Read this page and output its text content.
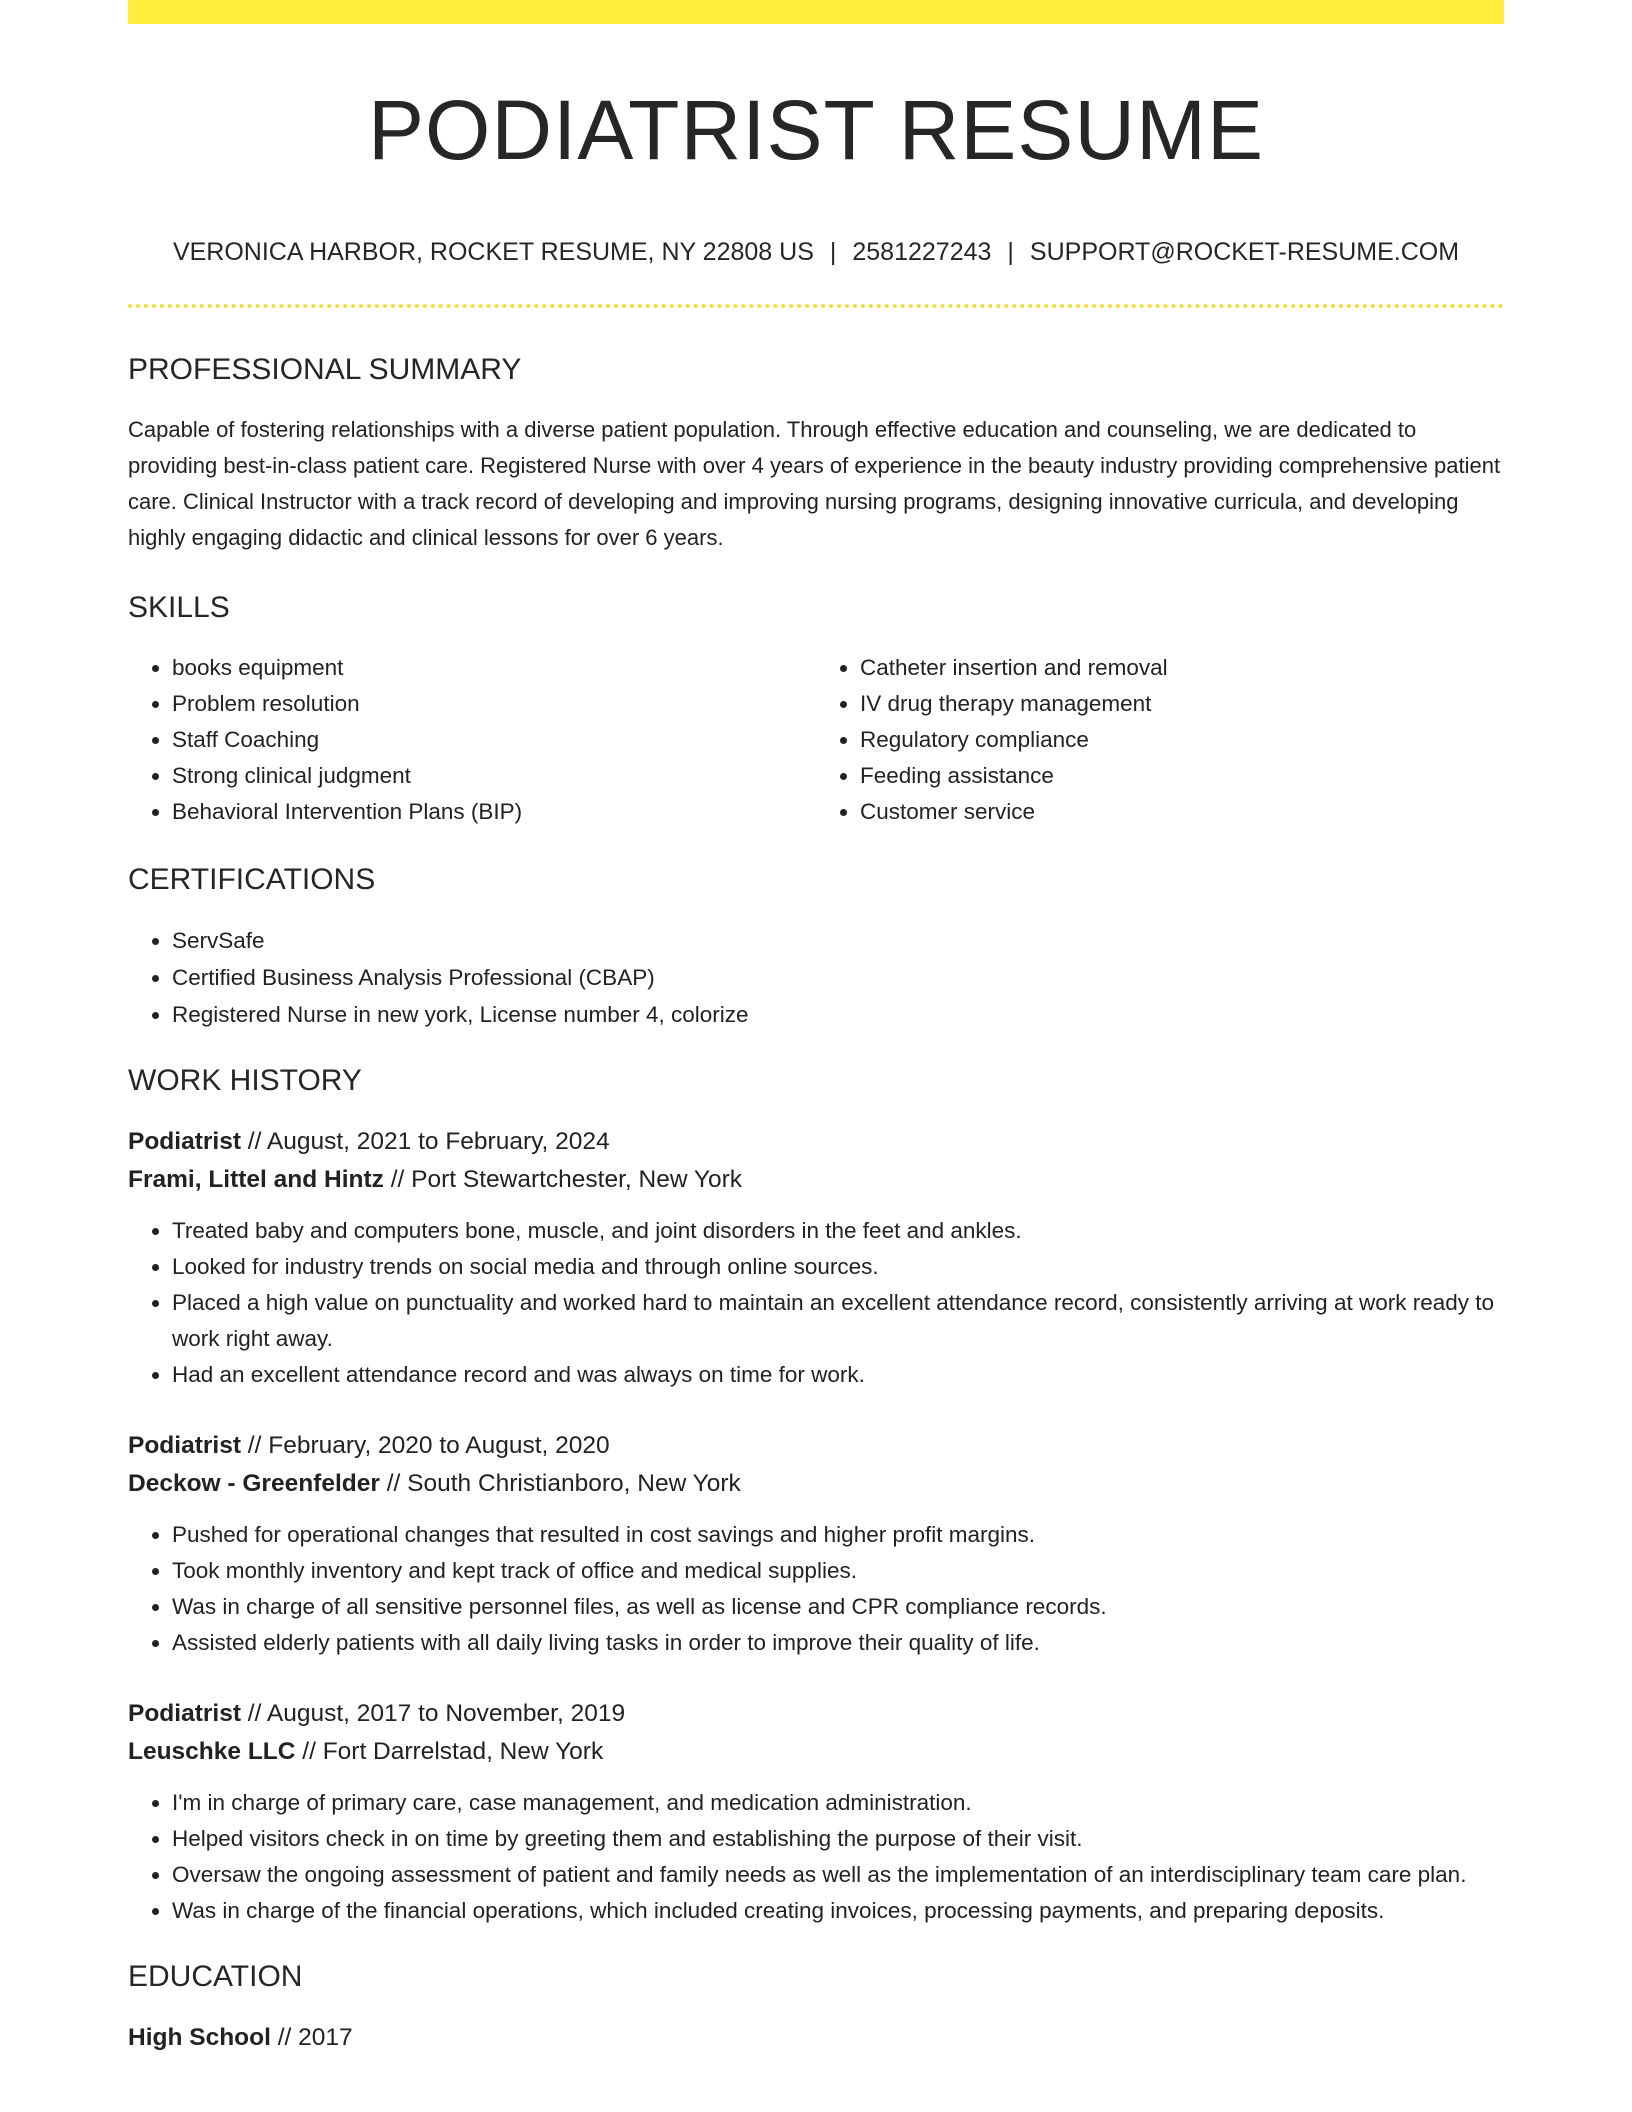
PODIATRIST RESUME
VERONICA HARBOR, ROCKET RESUME, NY 22808 US | 2581227243 | SUPPORT@ROCKET-RESUME.COM
PROFESSIONAL SUMMARY

Capable of fostering relationships with a diverse patient population. Through effective education and counseling, we are dedicated to providing best-in-class patient care. Registered Nurse with over 4 years of experience in the beauty industry providing comprehensive patient care. Clinical Instructor with a track record of developing and improving nursing programs, designing innovative curricula, and developing highly engaging didactic and clinical lessons for over 6 years.

SKILLS
• books equipment
• Problem resolution
• Staff Coaching
• Strong clinical judgment
• Behavioral Intervention Plans (BIP)
• Catheter insertion and removal
• IV drug therapy management
• Regulatory compliance
• Feeding assistance
• Customer service
CERTIFICATIONS
• ServSafe
• Certified Business Analysis Professional (CBAP)
• Registered Nurse in new york, License number 4, colorize
WORK HISTORY
Podiatrist // August, 2021 to February, 2024
Frami, Littel and Hintz // Port Stewartchester, New York
• Treated baby and computers bone, muscle, and joint disorders in the feet and ankles.
• Looked for industry trends on social media and through online sources.
• Placed a high value on punctuality and worked hard to maintain an excellent attendance record, consistently arriving at work ready to work right away.
• Had an excellent attendance record and was always on time for work.
Podiatrist // February, 2020 to August, 2020
Deckow - Greenfelder // South Christianboro, New York
• Pushed for operational changes that resulted in cost savings and higher profit margins.
• Took monthly inventory and kept track of office and medical supplies.
• Was in charge of all sensitive personnel files, as well as license and CPR compliance records.
• Assisted elderly patients with all daily living tasks in order to improve their quality of life.
Podiatrist // August, 2017 to November, 2019
Leuschke LLC // Fort Darrelstad, New York
• I'm in charge of primary care, case management, and medication administration.
• Helped visitors check in on time by greeting them and establishing the purpose of their visit.
• Oversaw the ongoing assessment of patient and family needs as well as the implementation of an interdisciplinary team care plan.
• Was in charge of the financial operations, which included creating invoices, processing payments, and preparing deposits.
EDUCATION
High School // 2017
